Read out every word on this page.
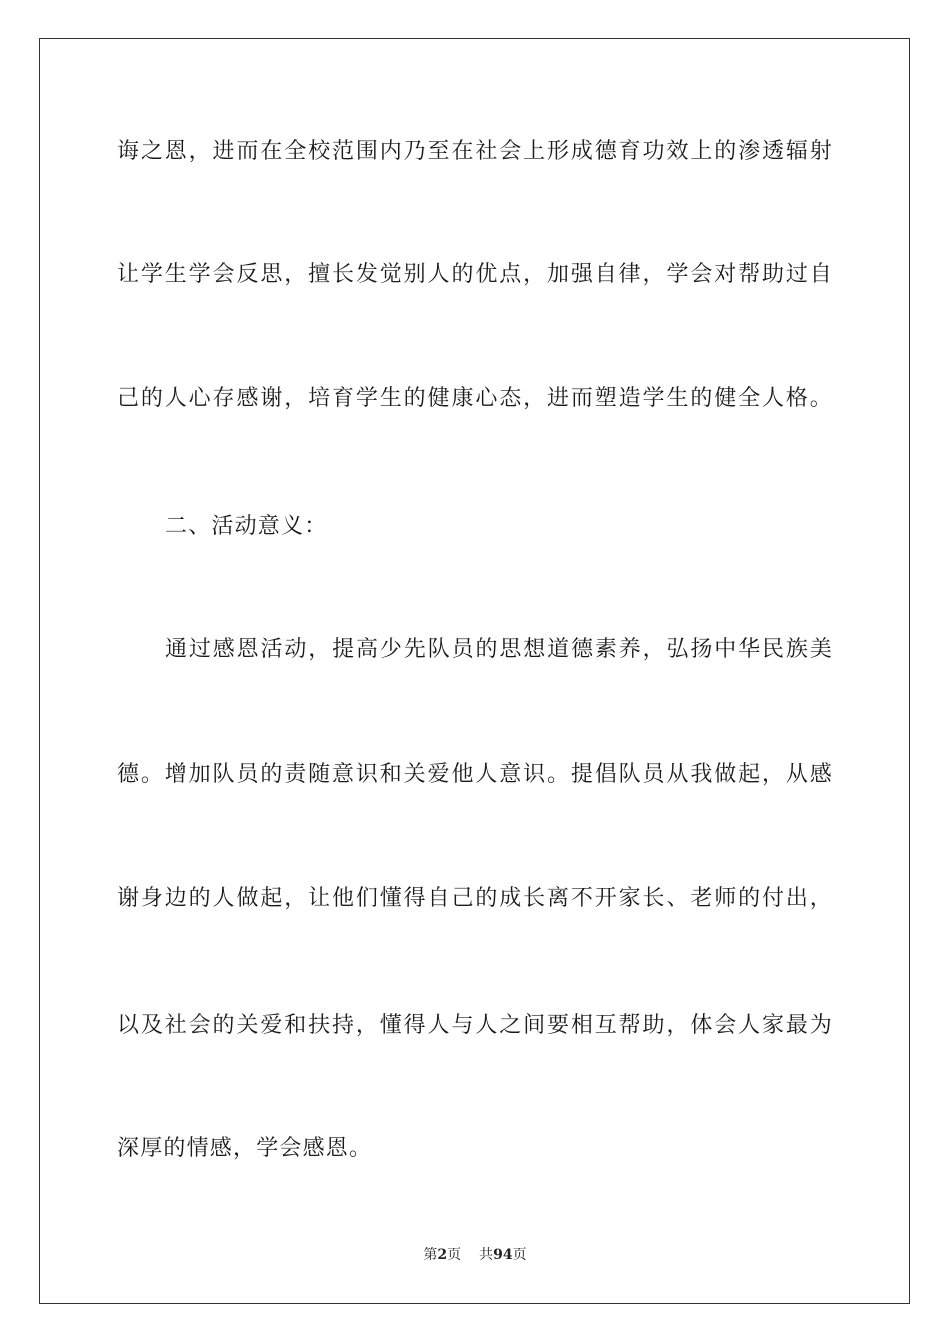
诲之恩，进而在全校范围内乃至在社会上形成德育功效上的渗透辐射
让学生学会反思，擅长发觉别人的优点，加强自律，学会对帮助过自
己的人心存感谢，培育学生的健康心态，进而塑造学生的健全人格。
二、活动意义：
通过感恩活动，提高少先队员的思想道德素养，弘扬中华民族美
德。增加队员的责随意识和关爱他人意识。提倡队员从我做起，从感
谢身边的人做起，让他们懂得自己的成长离不开家长、老师的付出，
以及社会的关爱和扶持，懂得人与人之间要相互帮助，体会人家最为
深厚的情感，学会感恩。
第2页 共94页
